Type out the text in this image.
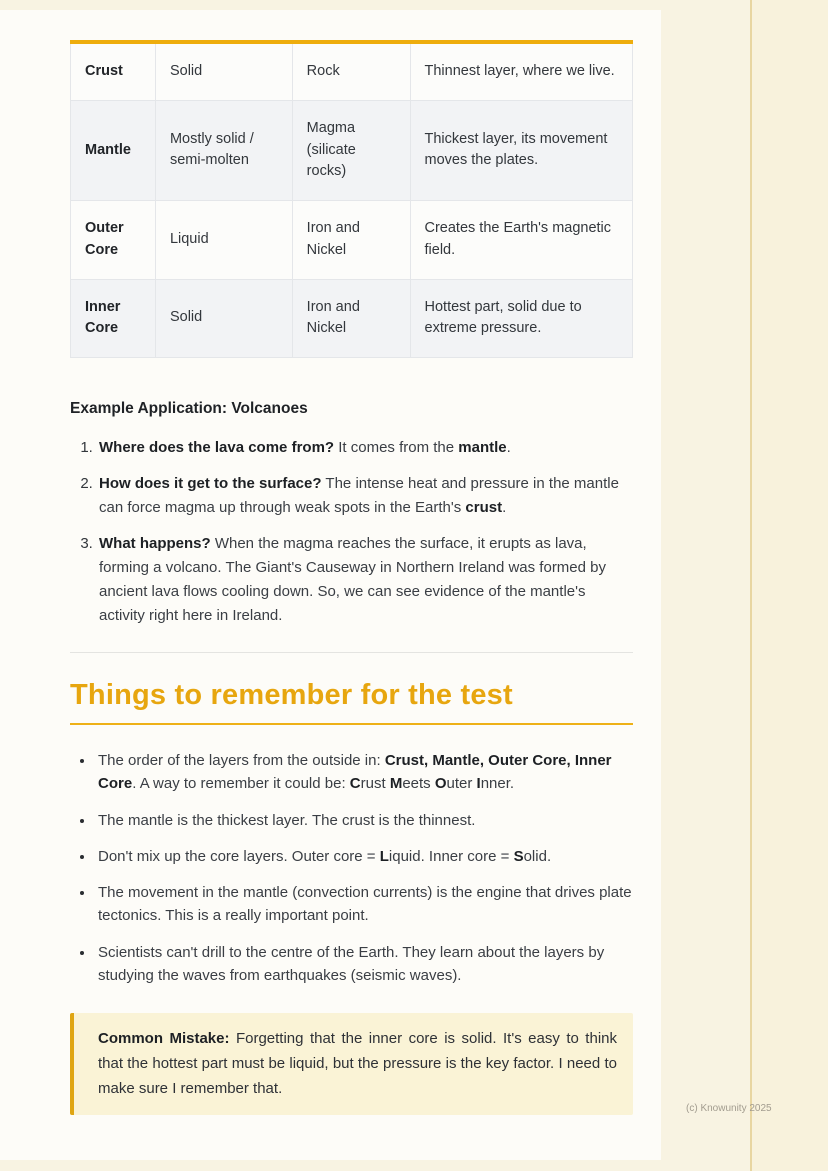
Crust	Solid	Rock	Thinnest layer, where we live.
Mantle	Mostly solid / semi-molten	Magma (silicate rocks)	Thickest layer, its movement moves the plates.
Outer Core	Liquid	Iron and Nickel	Creates the Earth's magnetic field.
Inner Core	Solid	Iron and Nickel	Hottest part, solid due to extreme pressure.
Example Application: Volcanoes
1. Where does the lava come from? It comes from the mantle.
2. How does it get to the surface? The intense heat and pressure in the mantle can force magma up through weak spots in the Earth's crust.
3. What happens? When the magma reaches the surface, it erupts as lava, forming a volcano. The Giant's Causeway in Northern Ireland was formed by ancient lava flows cooling down. So, we can see evidence of the mantle's activity right here in Ireland.
Things to remember for the test
• The order of the layers from the outside in: Crust, Mantle, Outer Core, Inner Core. A way to remember it could be: Crust Meets Outer Inner.
• The mantle is the thickest layer. The crust is the thinnest.
• Don't mix up the core layers. Outer core = Liquid. Inner core = Solid.
• The movement in the mantle (convection currents) is the engine that drives plate tectonics. This is a really important point.
• Scientists can't drill to the centre of the Earth. They learn about the layers by studying the waves from earthquakes (seismic waves).

Common Mistake: Forgetting that the inner core is solid. It's easy to think that the hottest part must be liquid, but the pressure is the key factor. I need to make sure I remember that.

(c) Knowunity 2025
